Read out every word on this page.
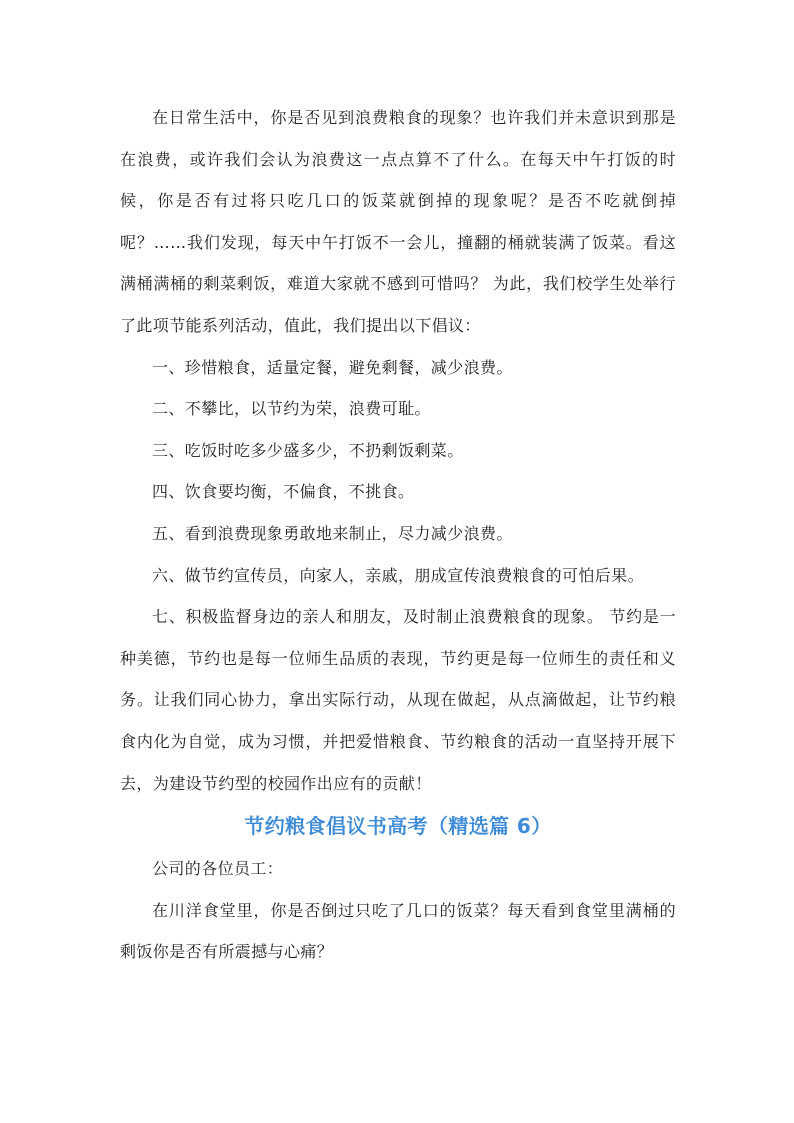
在日常生活中，你是否见到浪费粮食的现象？也许我们并未意识到那是在浪费，或许我们会认为浪费这一点点算不了什么。在每天中午打饭的时候，你是否有过将只吃几口的饭菜就倒掉的现象呢？是否不吃就倒掉呢？……我们发现，每天中午打饭不一会儿，撞翻的桶就装满了饭菜。看这满桶满桶的剩菜剩饭，难道大家就不感到可惜吗？ 为此，我们校学生处举行了此项节能系列活动，值此，我们提出以下倡议：

一、珍惜粮食，适量定餐，避免剩餐，减少浪费。

二、不攀比，以节约为荣，浪费可耻。

三、吃饭时吃多少盛多少，不扔剩饭剩菜。

四、饮食要均衡，不偏食，不挑食。

五、看到浪费现象勇敢地来制止，尽力减少浪费。

六、做节约宣传员，向家人，亲戚，朋成宣传浪费粮食的可怕后果。

七、积极监督身边的亲人和朋友，及时制止浪费粮食的现象。 节约是一种美德，节约也是每一位师生品质的表现，节约更是每一位师生的责任和义务。让我们同心协力，拿出实际行动，从现在做起，从点滴做起，让节约粮食内化为自觉，成为习惯，并把爱惜粮食、节约粮食的活动一直坚持开展下去，为建设节约型的校园作出应有的贡献！

节约粮食倡议书高考（精选篇 6）

公司的各位员工：

在川洋食堂里，你是否倒过只吃了几口的饭菜？每天看到食堂里满桶的剩饭你是否有所震撼与心痛？
